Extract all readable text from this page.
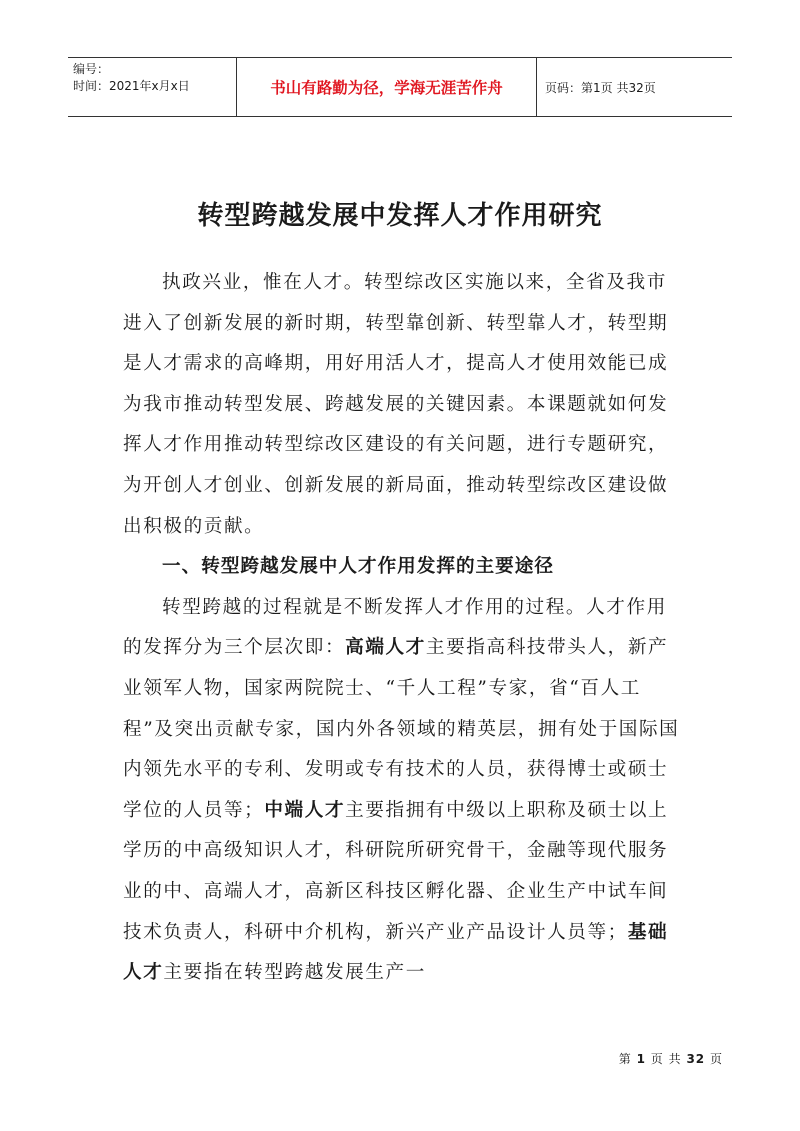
编号：
时间：2021年x月x日	书山有路勤为径，学海无涯苦作舟	页码：第1页 共32页
转型跨越发展中发挥人才作用研究

执政兴业，惟在人才。转型综改区实施以来，全省及我市进入了创新发展的新时期，转型靠创新、转型靠人才，转型期是人才需求的高峰期，用好用活人才，提高人才使用效能已成为我市推动转型发展、跨越发展的关键因素。本课题就如何发挥人才作用推动转型综改区建设的有关问题，进行专题研究，为开创人才创业、创新发展的新局面，推动转型综改区建设做出积极的贡献。

一、转型跨越发展中人才作用发挥的主要途径

转型跨越的过程就是不断发挥人才作用的过程。人才作用的发挥分为三个层次即：高端人才主要指高科技带头人，新产业领军人物，国家两院院士、“千人工程”专家，省“百人工程”及突出贡献专家，国内外各领域的精英层，拥有处于国际国内领先水平的专利、发明或专有技术的人员，获得博士或硕士学位的人员等；中端人才主要指拥有中级以上职称及硕士以上学历的中高级知识人才，科研院所研究骨干，金融等现代服务业的中、高端人才，高新区科技区孵化器、企业生产中试车间技术负责人，科研中介机构，新兴产业产品设计人员等；基础人才主要指在转型跨越发展生产一

第 1 页 共 32 页
